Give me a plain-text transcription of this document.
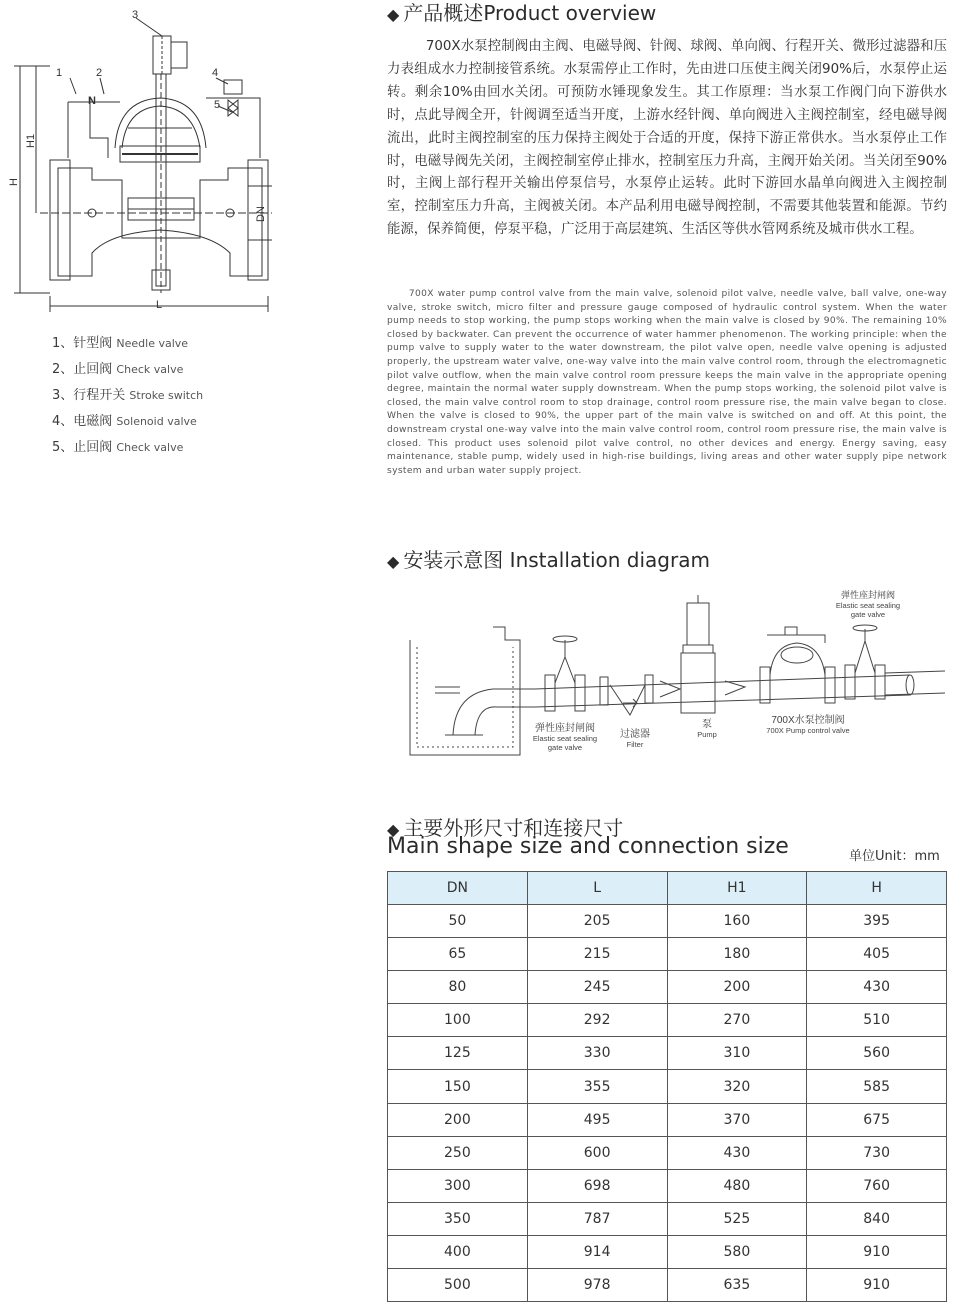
3
1	2	4
5
N
L
H
H1
DN
1、针型阀 Needle valve
2、止回阀 Check valve
3、行程开关 Stroke switch
4、电磁阀 Solenoid valve
5、止回阀 Check valve
◆ 产品概述Product overview

700X水泵控制阀由主阀、电磁导阀、针阀、球阀、单向阀、行程开关、微形过滤器和压力表组成水力控制接管系统。水泵需停止工作时，先由进口压使主阀关闭90%后，水泵停止运转。剩余10%由回水关闭。可预防水锤现象发生。其工作原理：当水泵工作阀门向下游供水时，点此导阀全开，针阀调至适当开度，上游水经针阀、单向阀进入主阀控制室，经电磁导阀流出，此时主阀控制室的压力保持主阀处于合适的开度，保持下游正常供水。当水泵停止工作时，电磁导阀先关闭，主阀控制室停止排水，控制室压力升高，主阀开始关闭。当关闭至90%时，主阀上部行程开关输出停泵信号，水泵停止运转。此时下游回水晶单向阀进入主阀控制室，控制室压力升高，主阀被关闭。本产品利用电磁导阀控制，不需要其他装置和能源。节约能源，保养简便，停泵平稳，广泛用于高层建筑、生活区等供水管网系统及城市供水工程。

700X water pump control valve from the main valve, solenoid pilot valve, needle valve, ball valve, one-way valve, stroke switch, micro filter and pressure gauge composed of hydraulic control system. When the water pump needs to stop working, the pump stops working when the main valve is closed by 90%. The remaining 10% closed by backwater. Can prevent the occurrence of water hammer phenomenon. The working principle: when the pump valve to supply water to the water downstream, the pilot valve open, needle valve opening is adjusted properly, the upstream water valve, one-way valve into the main valve control room, through the electromagnetic pilot valve outflow, when the main valve control room pressure keeps the main valve in the appropriate opening degree, maintain the normal water supply downstream. When the pump stops working, the solenoid pilot valve is closed, the main valve control room to stop drainage, control room pressure rise, the main valve began to close. When the valve is closed to 90%, the upper part of the main valve is switched on and off. At this point, the downstream crystal one-way valve into the main valve control room, control room pressure rise, the main valve is closed. This product uses solenoid pilot valve control, no other devices and energy. Energy saving, easy maintenance, stable pump, widely used in high-rise buildings, living areas and other water supply pipe network system and urban water supply project.

◆ 安装示意图 Installation diagram
弹性座封闸阀
Elastic seat sealing
gate valve
过滤器
Filter
泵
Pump
700X水泵控制阀
700X Pump control valve
弹性座封闸阀
Elastic seat sealing
gate valve
◆ 主要外形尺寸和连接尺寸
Main shape size and connection size	单位Unit：mm
DN	L	H1	H
50	205	160	395
65	215	180	405
80	245	200	430
100	292	270	510
125	330	310	560
150	355	320	585
200	495	370	675
250	600	430	730
300	698	480	760
350	787	525	840
400	914	580	910
500	978	635	910
